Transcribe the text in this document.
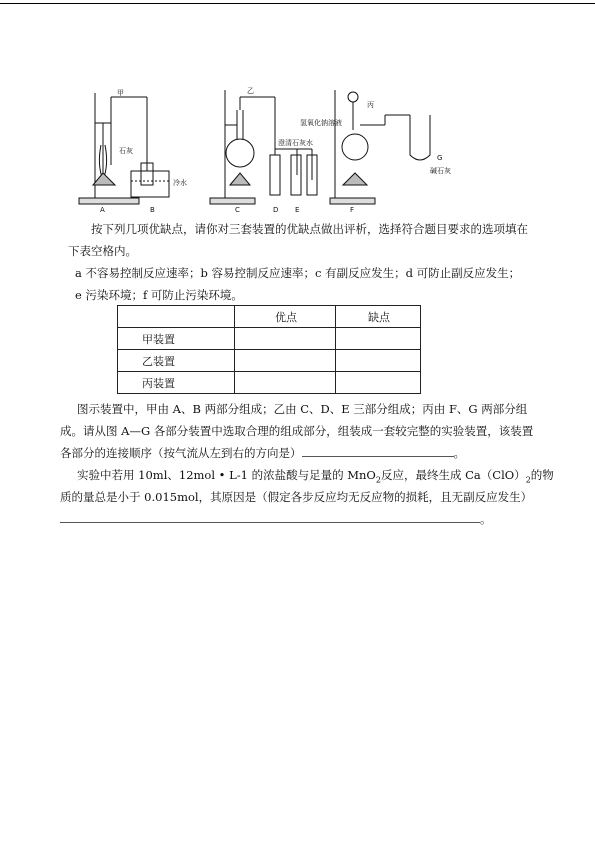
甲	乙
丙
A	B	C	D E	F
G
石灰
冷水
澄清石灰水
氢氧化钠溶液
碱石灰
按下列几项优缺点，请你对三套装置的优缺点做出评析，选择符合题目要求的选项填在
下表空格内。
a 不容易控制反应速率；b 容易控制反应速率；c 有副反应发生；d 可防止副反应发生；
e 污染环境；f 可防止污染环境。
	优点	缺点
甲装置		
乙装置		
丙装置		
图示装置中，甲由 A、B 两部分组成；乙由 C、D、E 三部分组成；丙由 F、G 两部分组
成。请从图 A—G 各部分装置中选取合理的组成部分，组装成一套较完整的实验装置，该装置
各部分的连接顺序（按气流从左到右的方向是）	。
实验中若用 10ml、12mol • L-1 的浓盐酸与足量的 MnO$_2$反应，最终生成 $Ca(ClO)_2$的物
质的量总是小于 0.015mol，其原因是（假定各步反应均无反应物的损耗，且无副反应发生）
。
